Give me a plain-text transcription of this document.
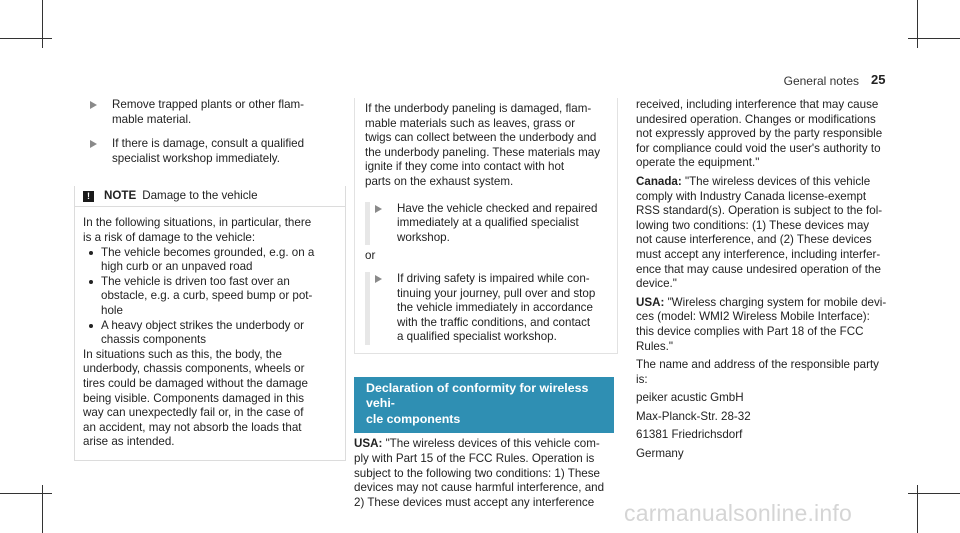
General notes 25

Remove trapped plants or other flam-
mable material.

If there is damage, consult a qualified
specialist workshop immediately.

!	NOTE Damage to the vehicle

In the following situations, in particular, there
is a risk of damage to the vehicle:

The vehicle becomes grounded, e.g. on a
high curb or an unpaved road
The vehicle is driven too fast over an
obstacle, e.g. a curb, speed bump or pot-
hole
A heavy object strikes the underbody or
chassis components

In situations such as this, the body, the
underbody, chassis components, wheels or
tires could be damaged without the damage
being visible. Components damaged in this
way can unexpectedly fail or, in the case of
an accident, may not absorb the loads that
arise as intended.

If the underbody paneling is damaged, flam-
mable materials such as leaves, grass or
twigs can collect between the underbody and
the underbody paneling. These materials may
ignite if they come into contact with hot
parts on the exhaust system.

Have the vehicle checked and repaired
immediately at a qualified specialist
workshop.

or

If driving safety is impaired while con-
tinuing your journey, pull over and stop
the vehicle immediately in accordance
with the traffic conditions, and contact
a qualified specialist workshop.

Declaration of conformity for wireless vehi-
cle components

USA: "The wireless devices of this vehicle com-
ply with Part 15 of the FCC Rules. Operation is
subject to the following two conditions: 1) These
devices may not cause harmful interference, and
2) These devices must accept any interference

received, including interference that may cause
undesired operation. Changes or modifications
not expressly approved by the party responsible
for compliance could void the user's authority to
operate the equipment."

Canada: "The wireless devices of this vehicle
comply with Industry Canada license-exempt
RSS standard(s). Operation is subject to the fol-
lowing two conditions: (1) These devices may
not cause interference, and (2) These devices
must accept any interference, including interfer-
ence that may cause undesired operation of the
device."

USA: "Wireless charging system for mobile devi-
ces (model: WMI2 Wireless Mobile Interface):
this device complies with Part 18 of the FCC
Rules."

The name and address of the responsible party
is:

peiker acustic GmbH

Max-Planck-Str. 28-32

61381 Friedrichsdorf

Germany

carmanualsonline.info
